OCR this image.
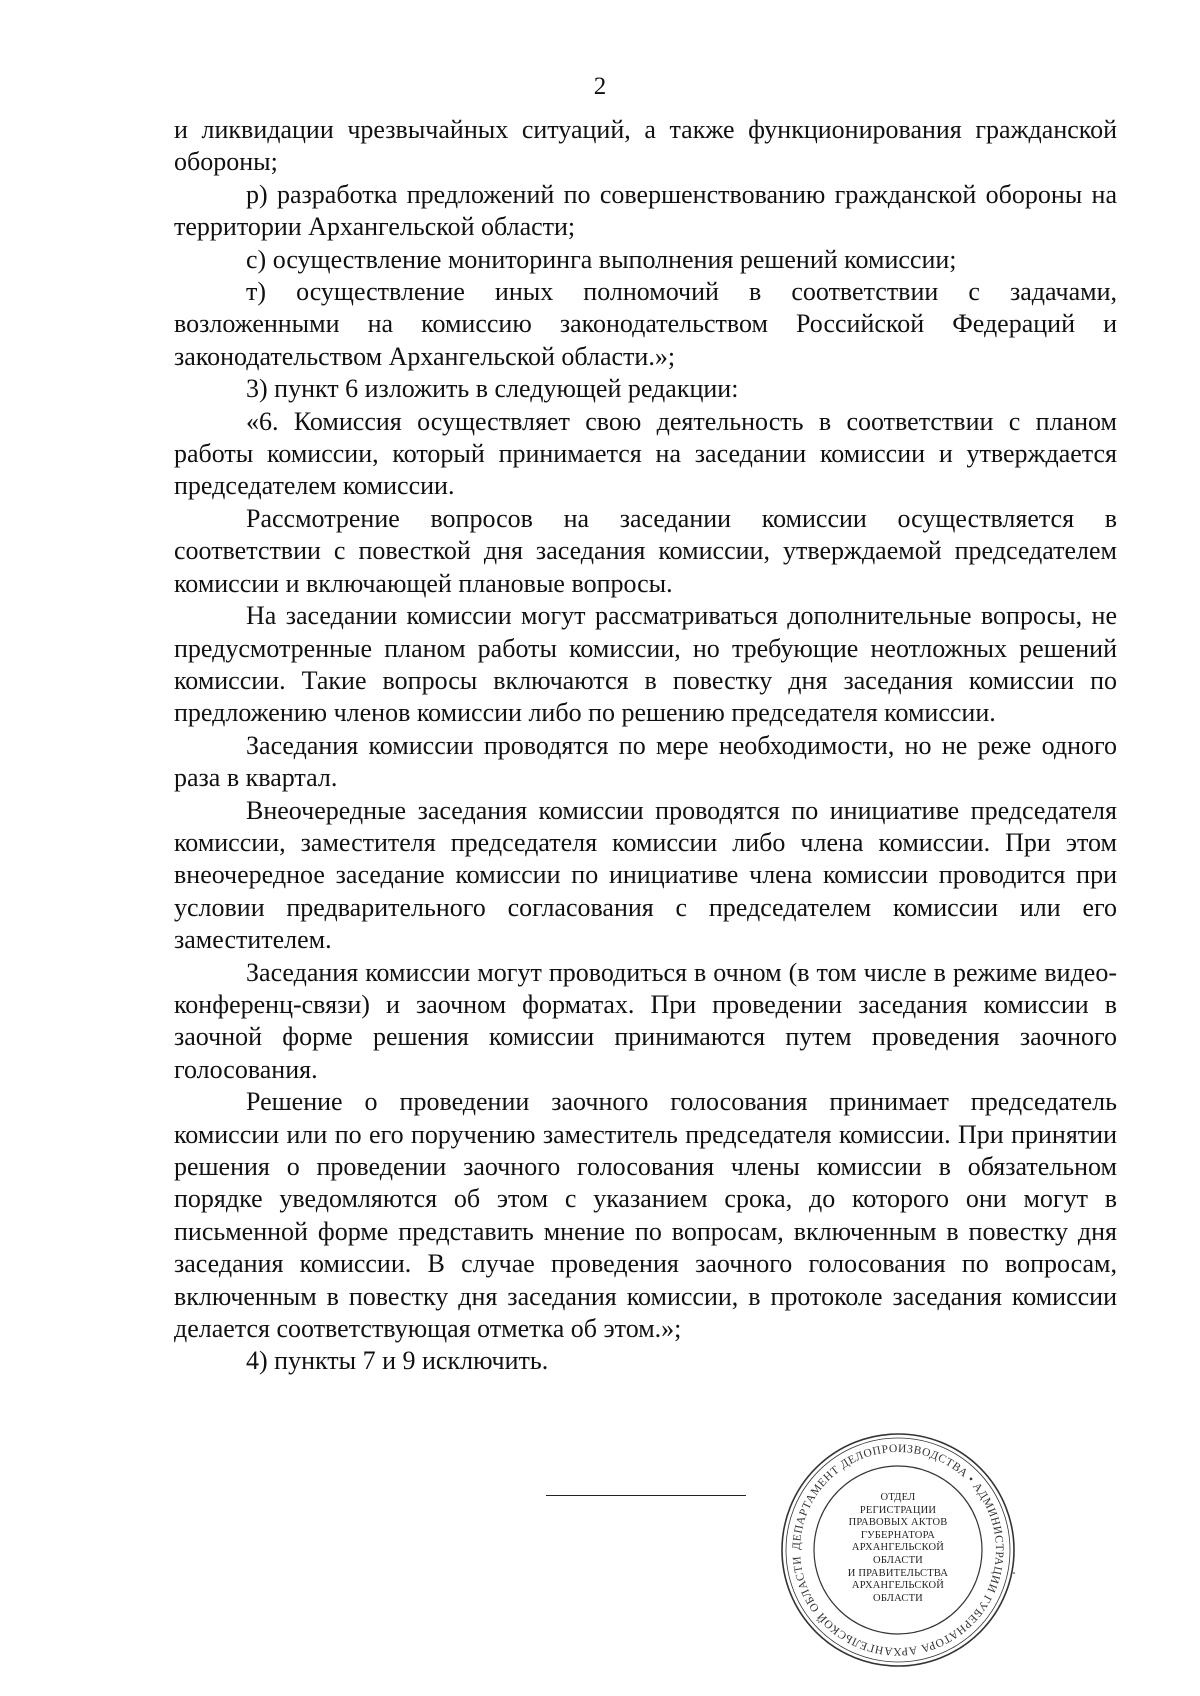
2

и ликвидации чрезвычайных ситуаций, а также функционирования гражданской обороны;

р) разработка предложений по совершенствованию гражданской обороны на территории Архангельской области;

с) осуществление мониторинга выполнения решений комиссии;

т) осуществление иных полномочий в соответствии с задачами, возложенными на комиссию законодательством Российской Федераций и законодательством Архангельской области.»;

3) пункт 6 изложить в следующей редакции:

«6. Комиссия осуществляет свою деятельность в соответствии с планом работы комиссии, который принимается на заседании комиссии и утверждается председателем комиссии.

Рассмотрение вопросов на заседании комиссии осуществляется в соответствии с повесткой дня заседания комиссии, утверждаемой председателем комиссии и включающей плановые вопросы.

На заседании комиссии могут рассматриваться дополнительные вопросы, не предусмотренные планом работы комиссии, но требующие неотложных решений комиссии. Такие вопросы включаются в повестку дня заседания комиссии по предложению членов комиссии либо по решению председателя комиссии.

Заседания комиссии проводятся по мере необходимости, но не реже одного раза в квартал.

Внеочередные заседания комиссии проводятся по инициативе председателя комиссии, заместителя председателя комиссии либо члена комиссии. При этом внеочередное заседание комиссии по инициативе члена комиссии проводится при условии предварительного согласования с председателем комиссии или его заместителем.

Заседания комиссии могут проводиться в очном (в том числе в режиме видео-конференц-связи) и заочном форматах. При проведении заседания комиссии в заочной форме решения комиссии принимаются путем проведения заочного голосования.

Решение о проведении заочного голосования принимает председатель комиссии или по его поручению заместитель председателя комиссии. При принятии решения о проведении заочного голосования члены комиссии в обязательном порядке уведомляются об этом с указанием срока, до которого они могут в письменной форме представить мнение по вопросам, включенным в повестку дня заседания комиссии. В случае проведения заочного голосования по вопросам, включенным в повестку дня заседания комиссии, в протоколе заседания комиссии делается соответствующая отметка об этом.»;

4) пункты 7 и 9 исключить.

ДЕПАРТАМЕНТ ДЕЛОПРОИЗВОДСТВА • АДМИНИСТРАЦИИ ГУБЕРНАТОРА АРХАНГЕЛЬСКОЙ ОБЛАСТИ
ОТДЕЛ
РЕГИСТРАЦИИ
ПРАВОВЫХ АКТОВ
ГУБЕРНАТОРА
АРХАНГЕЛЬСКОЙ
ОБЛАСТИ
И ПРАВИТЕЛЬСТВА
АРХАНГЕЛЬСКОЙ
ОБЛАСТИ
